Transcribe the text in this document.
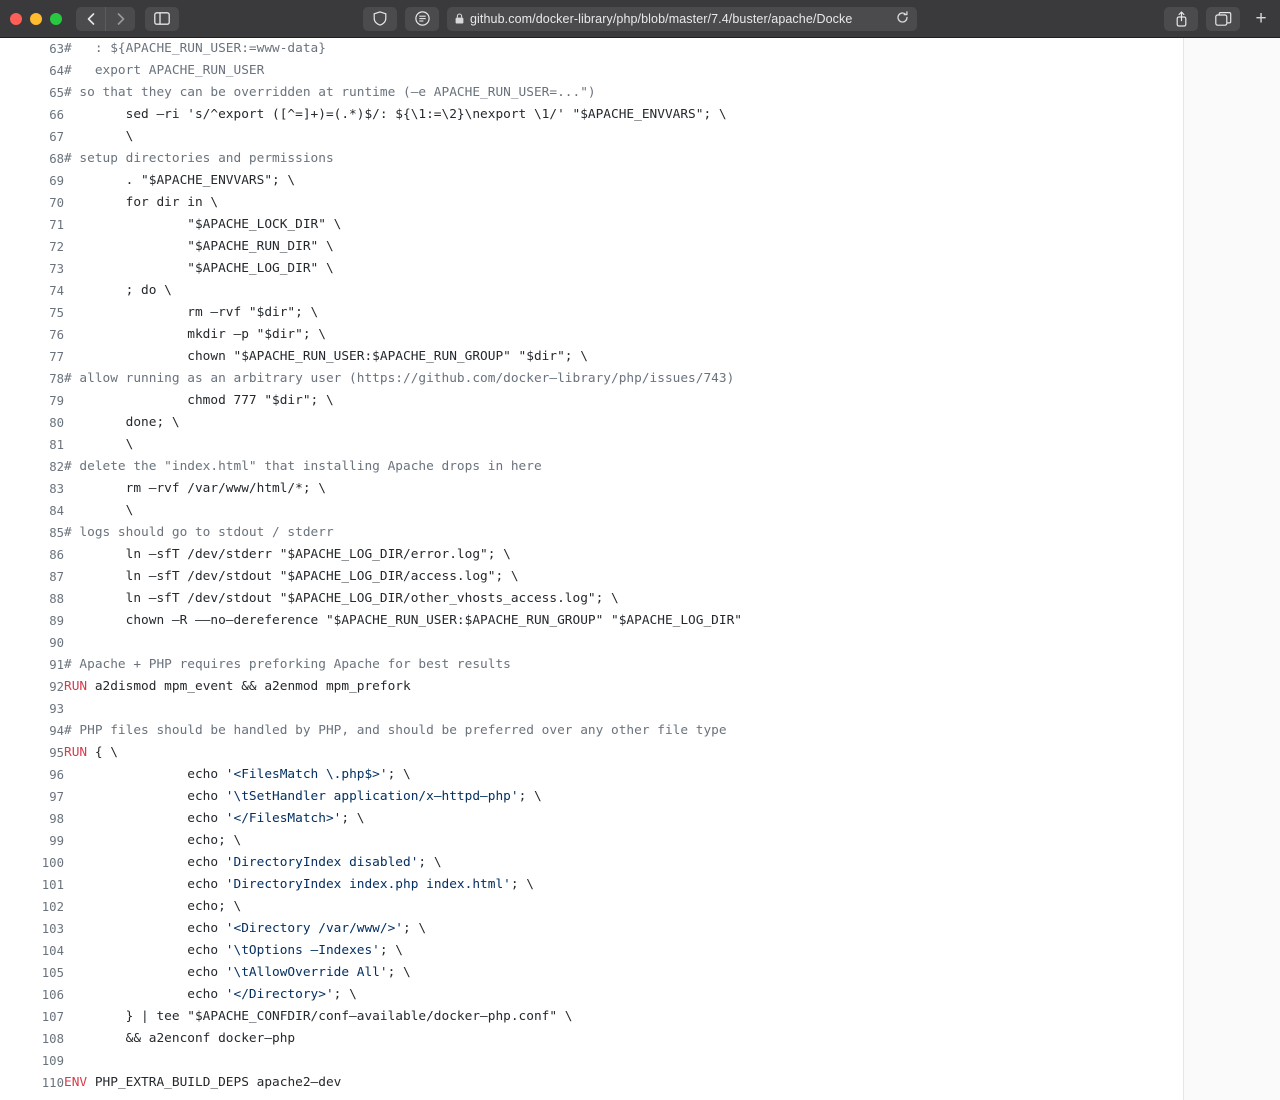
github.com/docker-library/php/blob/master/7.4/buster/apache/Docke	+
63	#   : ${APACHE_RUN_USER:=www-data}
64	#   export APACHE_RUN_USER
65	# so that they can be overridden at runtime (–e APACHE_RUN_USER=...")
66	sed –ri 's/^export ([^=]+)=(.*)$/: ${\1:=\2}\nexport \1/' "$APACHE_ENVVARS"; \
67	\
68	# setup directories and permissions
69	. "$APACHE_ENVVARS"; \
70	for dir in \
71	"$APACHE_LOCK_DIR" \
72	"$APACHE_RUN_DIR" \
73	"$APACHE_LOG_DIR" \
74	; do \
75	rm –rvf "$dir"; \
76	mkdir –p "$dir"; \
77	chown "$APACHE_RUN_USER:$APACHE_RUN_GROUP" "$dir"; \
78	# allow running as an arbitrary user (https://github.com/docker–library/php/issues/743)
79	chmod 777 "$dir"; \
80	done; \
81	\
82	# delete the "index.html" that installing Apache drops in here
83	rm –rvf /var/www/html/*; \
84	\
85	# logs should go to stdout / stderr
86	ln –sfT /dev/stderr "$APACHE_LOG_DIR/error.log"; \
87	ln –sfT /dev/stdout "$APACHE_LOG_DIR/access.log"; \
88	ln –sfT /dev/stdout "$APACHE_LOG_DIR/other_vhosts_access.log"; \
89	chown –R ––no–dereference "$APACHE_RUN_USER:$APACHE_RUN_GROUP" "$APACHE_LOG_DIR"
90	
91	# Apache + PHP requires preforking Apache for best results
92	RUN a2dismod mpm_event && a2enmod mpm_prefork
93	
94	# PHP files should be handled by PHP, and should be preferred over any other file type
95	RUN { \
96	echo '<FilesMatch \.php$>'; \
97	echo '\tSetHandler application/x–httpd–php'; \
98	echo '</FilesMatch>'; \
99	echo; \
100	echo 'DirectoryIndex disabled'; \
101	echo 'DirectoryIndex index.php index.html'; \
102	echo; \
103	echo '<Directory /var/www/>'; \
104	echo '\tOptions –Indexes'; \
105	echo '\tAllowOverride All'; \
106	echo '</Directory>'; \
107	} | tee "$APACHE_CONFDIR/conf–available/docker–php.conf" \
108	&& a2enconf docker–php
109	
110	ENV PHP_EXTRA_BUILD_DEPS apache2–dev
